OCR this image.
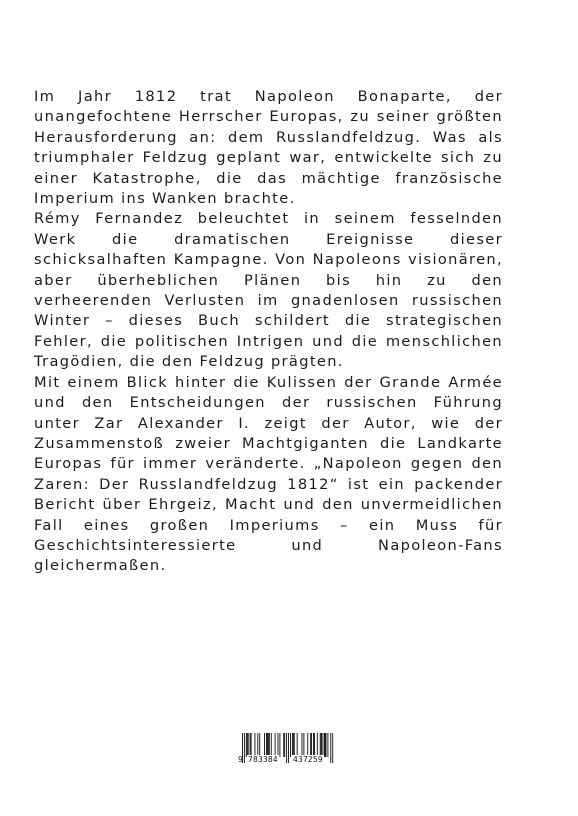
Im Jahr 1812 trat Napoleon Bonaparte, der unangefochtene Herrscher Europas, zu seiner größten Herausforderung an: dem Russlandfeldzug. Was als triumphaler Feldzug geplant war, entwickelte sich zu einer Katastrophe, die das mächtige französische Imperium ins Wanken brachte.

Rémy Fernandez beleuchtet in seinem fesselnden Werk die dramatischen Ereignisse dieser schicksalhaften Kampagne. Von Napoleons visionären, aber überheblichen Plänen bis hin zu den verheerenden Verlusten im gnadenlosen russischen Winter – dieses Buch schildert die strategischen Fehler, die politischen Intrigen und die menschlichen Tragödien, die den Feldzug prägten.

Mit einem Blick hinter die Kulissen der Grande Armée und den Entscheidungen der russischen Führung unter Zar Alexander I. zeigt der Autor, wie der Zusammenstoß zweier Machtgiganten die Landkarte Europas für immer veränderte. „Napoleon gegen den Zaren: Der Russlandfeldzug 1812“ ist ein packender Bericht über Ehrgeiz, Macht und den unvermeidlichen Fall eines großen Imperiums – ein Muss für Geschichtsinteressierte und Napoleon-Fans gleichermaßen.

9 783384 437259
